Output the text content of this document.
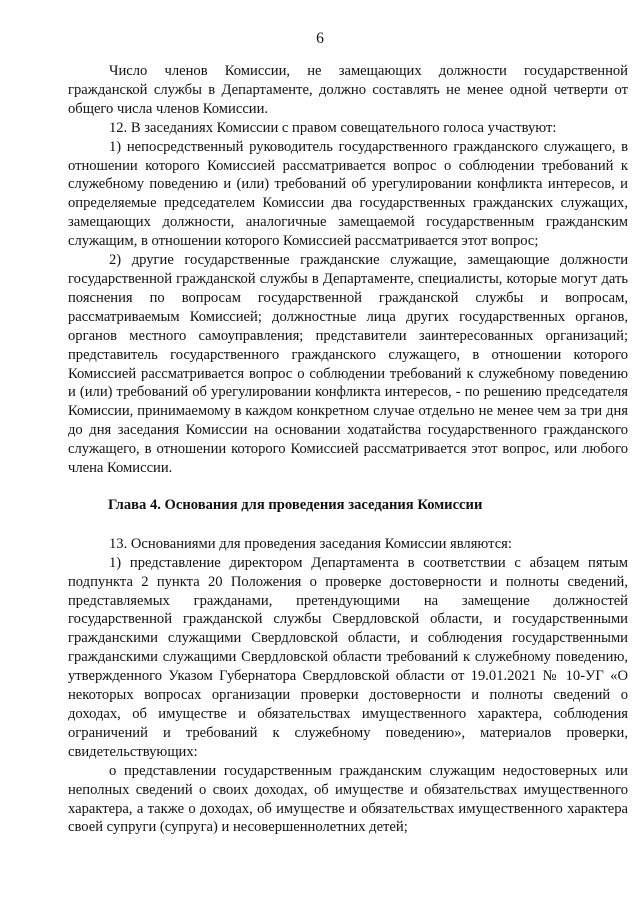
6

Число членов Комиссии, не замещающих должности государственной гражданской службы в Департаменте, должно составлять не менее одной четверти от общего числа членов Комиссии.

12. В заседаниях Комиссии с правом совещательного голоса участвуют:

1) непосредственный руководитель государственного гражданского служащего, в отношении которого Комиссией рассматривается вопрос о соблюдении требований к служебному поведению и (или) требований об урегулировании конфликта интересов, и определяемые председателем Комиссии два государственных гражданских служащих, замещающих должности, аналогичные замещаемой государственным гражданским служащим, в отношении которого Комиссией рассматривается этот вопрос;

2) другие государственные гражданские служащие, замещающие должности государственной гражданской службы в Департаменте, специалисты, которые могут дать пояснения по вопросам государственной гражданской службы и вопросам, рассматриваемым Комиссией; должностные лица других государственных органов, органов местного самоуправления; представители заинтересованных организаций; представитель государственного гражданского служащего, в отношении которого Комиссией рассматривается вопрос о соблюдении требований к служебному поведению и (или) требований об урегулировании конфликта интересов, - по решению председателя Комиссии, принимаемому в каждом конкретном случае отдельно не менее чем за три дня до дня заседания Комиссии на основании ходатайства государственного гражданского служащего, в отношении которого Комиссией рассматривается этот вопрос, или любого члена Комиссии.

Глава 4. Основания для проведения заседания Комиссии

13. Основаниями для проведения заседания Комиссии являются:

1) представление директором Департамента в соответствии с абзацем пятым подпункта 2 пункта 20 Положения о проверке достоверности и полноты сведений, представляемых гражданами, претендующими на замещение должностей государственной гражданской службы Свердловской области, и государственными гражданскими служащими Свердловской области, и соблюдения государственными гражданскими служащими Свердловской области требований к служебному поведению, утвержденного Указом Губернатора Свердловской области от 19.01.2021 № 10-УГ «О некоторых вопросах организации проверки достоверности и полноты сведений о доходах, об имуществе и обязательствах имущественного характера, соблюдения ограничений и требований к служебному поведению», материалов проверки, свидетельствующих:

о представлении государственным гражданским служащим недостоверных или неполных сведений о своих доходах, об имуществе и обязательствах имущественного характера, а также о доходах, об имуществе и обязательствах имущественного характера своей супруги (супруга) и несовершеннолетних детей;
